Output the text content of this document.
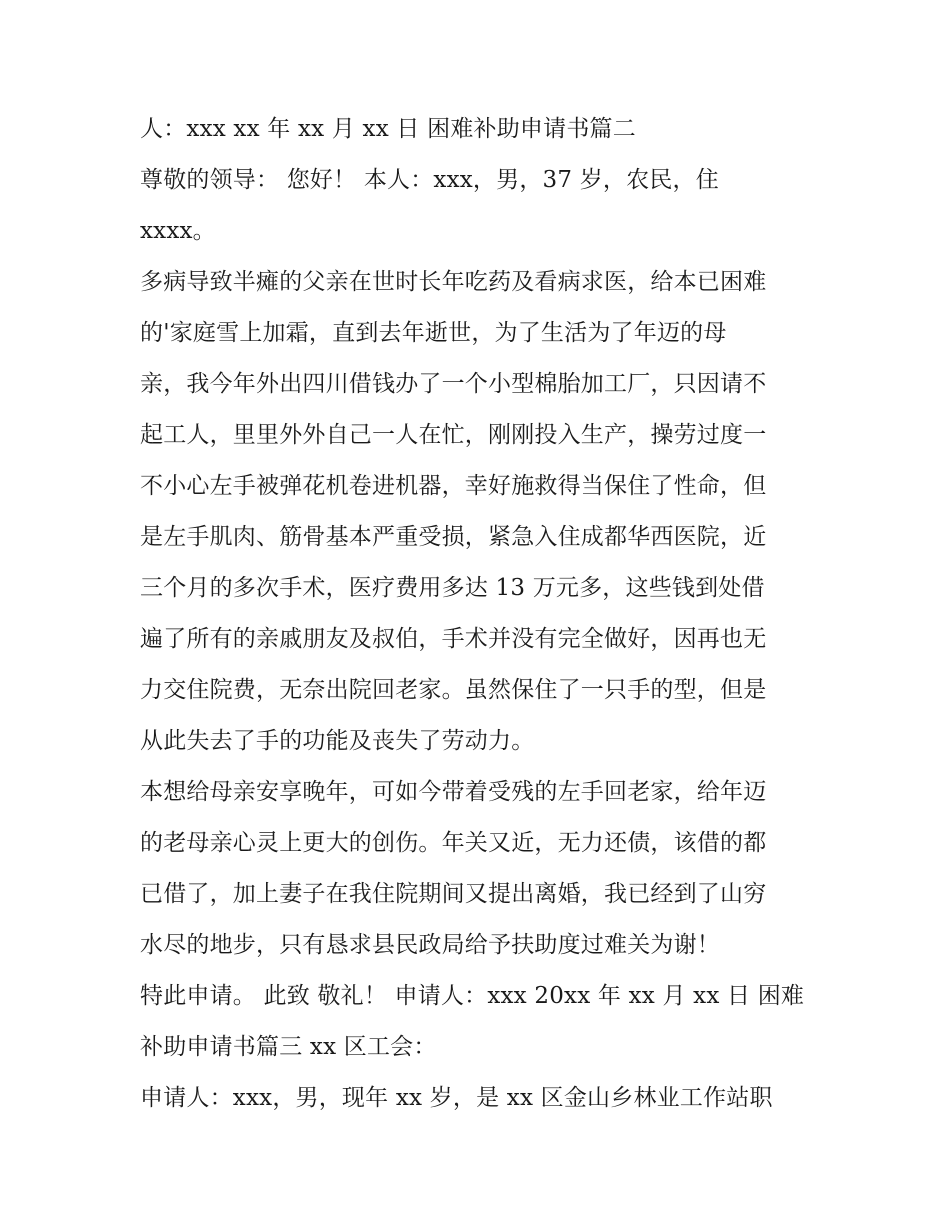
人：xxx xx 年 xx 月 xx 日 困难补助申请书篇二
尊敬的领导： 您好！ 本人：xxx，男，37 岁，农民，住
xxxx。
多病导致半瘫的父亲在世时长年吃药及看病求医，给本已困难
的'家庭雪上加霜，直到去年逝世，为了生活为了年迈的母
亲，我今年外出四川借钱办了一个小型棉胎加工厂，只因请不
起工人，里里外外自己一人在忙，刚刚投入生产，操劳过度一
不小心左手被弹花机卷进机器，幸好施救得当保住了性命，但
是左手肌肉、筋骨基本严重受损，紧急入住成都华西医院，近
三个月的多次手术，医疗费用多达 13 万元多，这些钱到处借
遍了所有的亲戚朋友及叔伯，手术并没有完全做好，因再也无
力交住院费，无奈出院回老家。虽然保住了一只手的型，但是
从此失去了手的功能及丧失了劳动力。
本想给母亲安享晚年，可如今带着受残的左手回老家，给年迈
的老母亲心灵上更大的创伤。年关又近，无力还债，该借的都
已借了，加上妻子在我住院期间又提出离婚，我已经到了山穷
水尽的地步，只有恳求县民政局给予扶助度过难关为谢！
特此申请。 此致 敬礼！ 申请人：xxx 20xx 年 xx 月 xx 日 困难
补助申请书篇三 xx 区工会：
申请人：xxx，男，现年 xx 岁，是 xx 区金山乡林业工作站职
